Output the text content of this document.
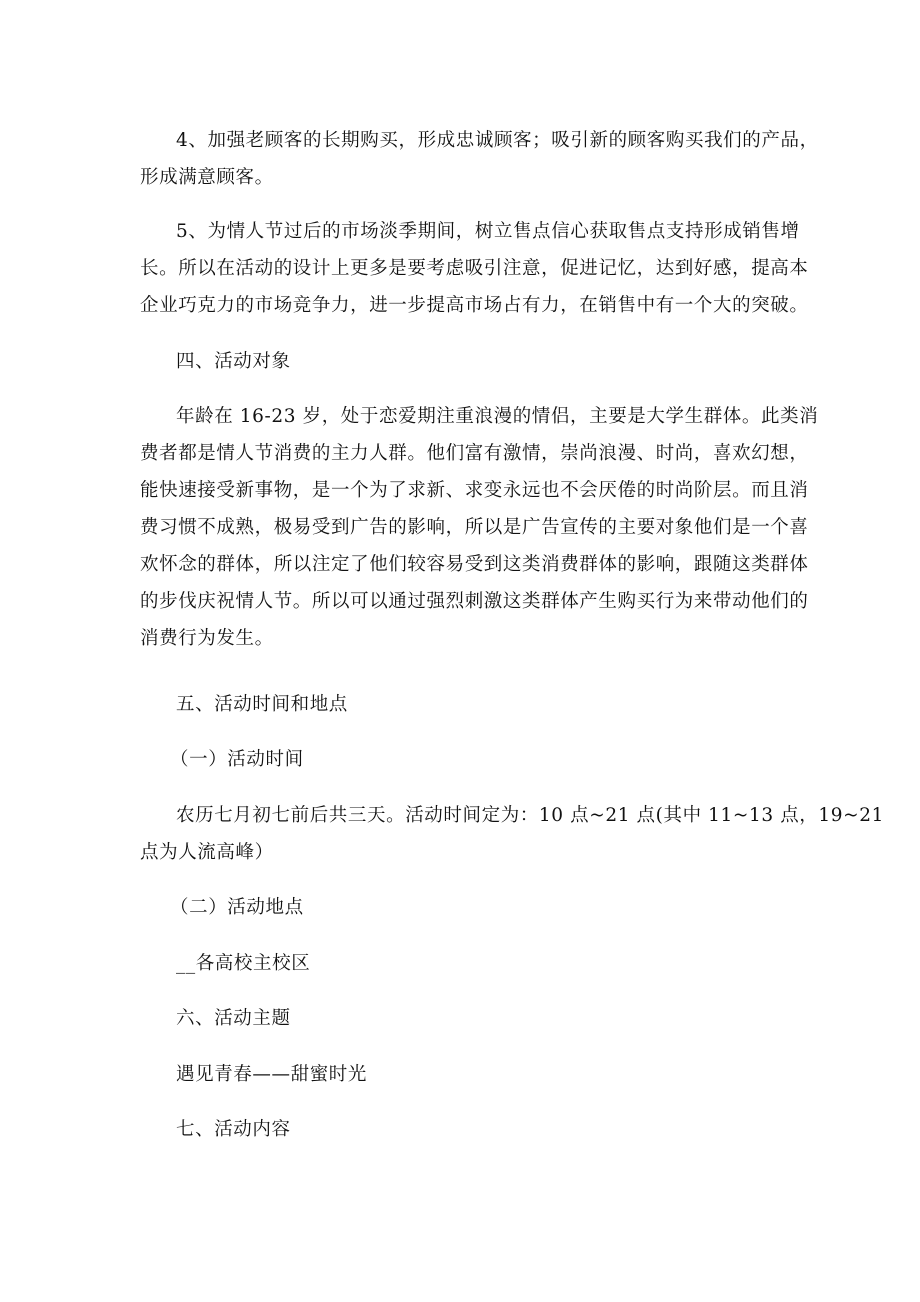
4、加强老顾客的长期购买，形成忠诚顾客；吸引新的顾客购买我们的产品，
形成满意顾客。
5、为情人节过后的市场淡季期间，树立售点信心获取售点支持形成销售增
长。所以在活动的设计上更多是要考虑吸引注意，促进记忆，达到好感，提高本
企业巧克力的市场竞争力，进一步提高市场占有力，在销售中有一个大的突破。
四、活动对象
年龄在 16-23 岁，处于恋爱期注重浪漫的情侣，主要是大学生群体。此类消
费者都是情人节消费的主力人群。他们富有激情，崇尚浪漫、时尚，喜欢幻想，
能快速接受新事物，是一个为了求新、求变永远也不会厌倦的时尚阶层。而且消
费习惯不成熟，极易受到广告的影响，所以是广告宣传的主要对象他们是一个喜
欢怀念的群体，所以注定了他们较容易受到这类消费群体的影响，跟随这类群体
的步伐庆祝情人节。所以可以通过强烈刺激这类群体产生购买行为来带动他们的
消费行为发生。
五、活动时间和地点
（一）活动时间
农历七月初七前后共三天。活动时间定为：10 点~21 点(其中 11~13 点，19~21
点为人流高峰）
（二）活动地点
__各高校主校区
六、活动主题
遇见青春——甜蜜时光
七、活动内容
